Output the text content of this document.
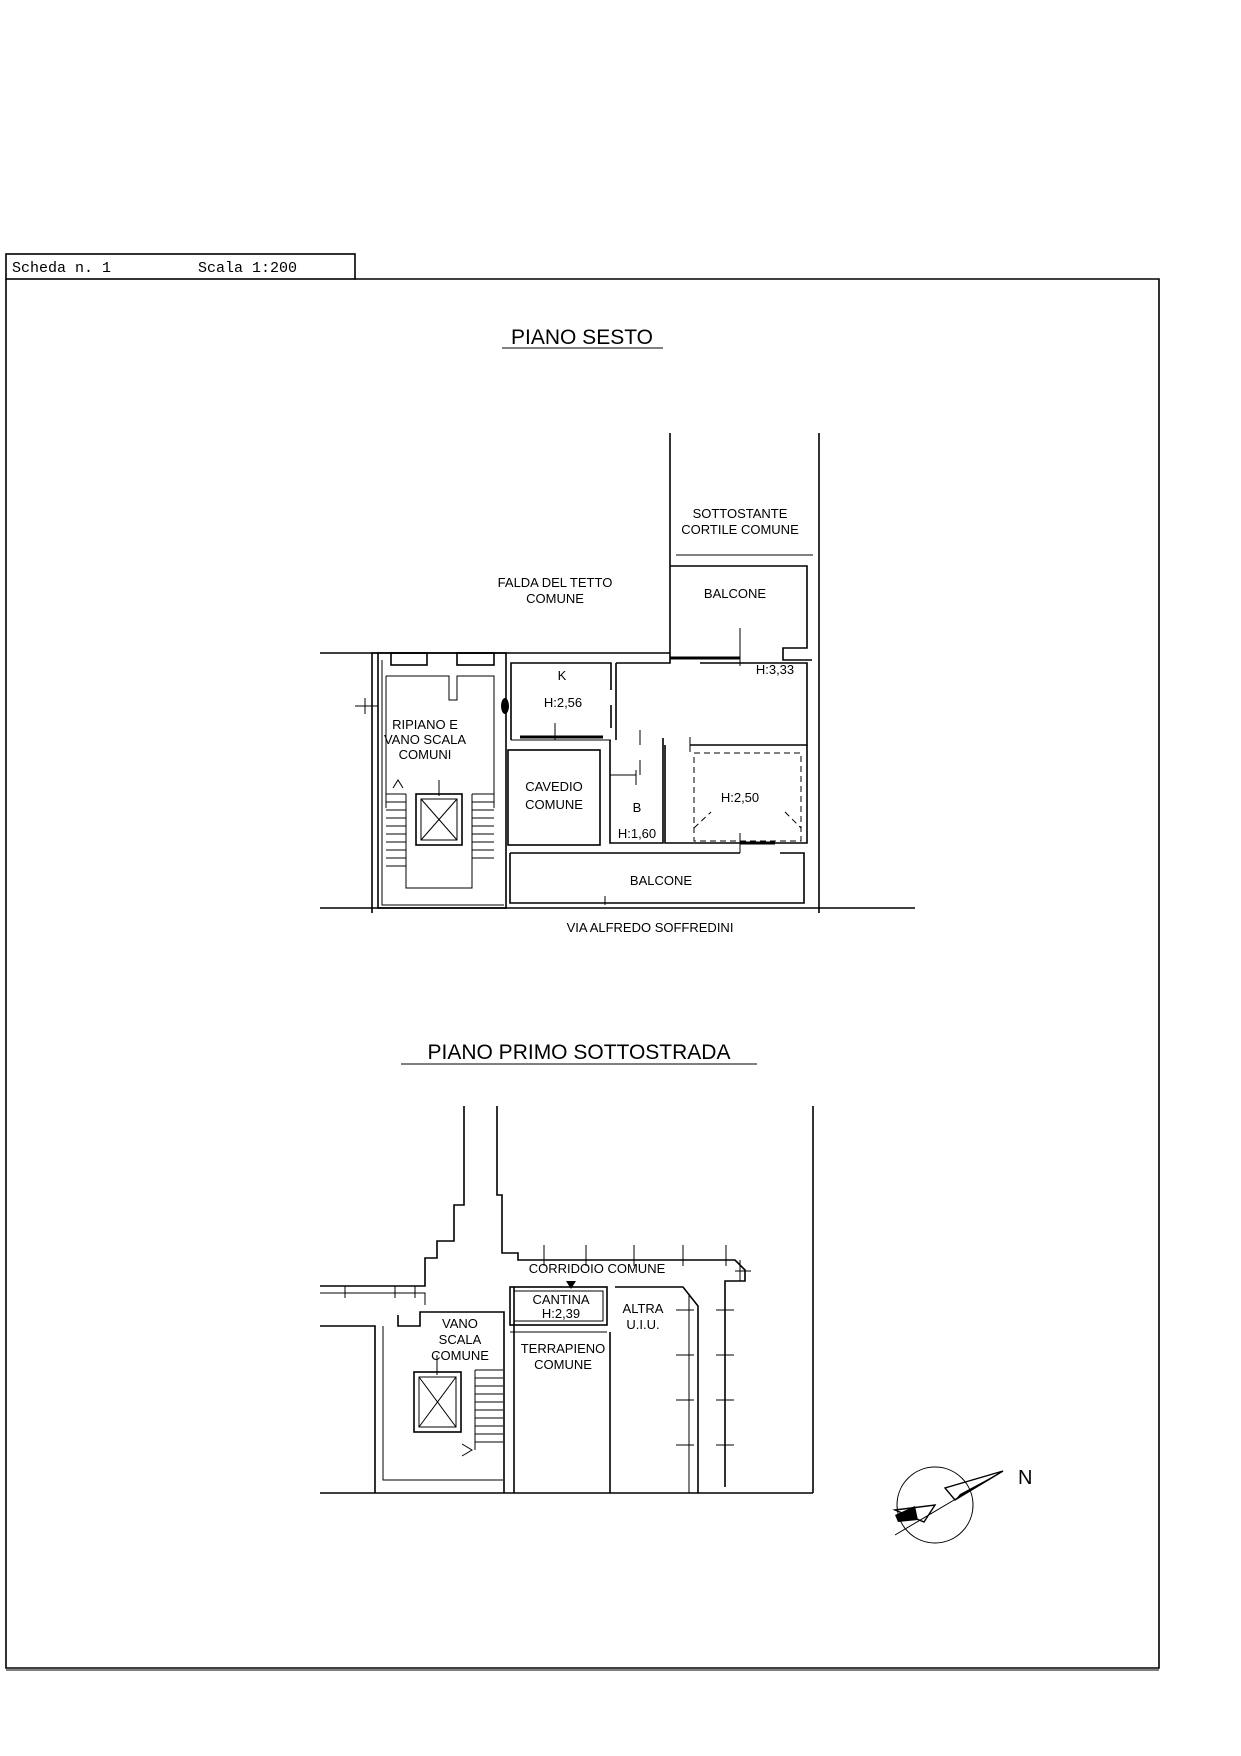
Scheda n. 1	Scala 1:200
PIANO SESTO
SOTTOSTANTE
CORTILE COMUNE
FALDA DEL TETTO
COMUNE	BALCONE
H:3,33
K
H:2,56
RIPIANO E
VANO SCALA
COMUNI
CAVEDIO
COMUNE	B
H:1,60
H:2,50
BALCONE
VIA ALFREDO SOFFREDINI
PIANO PRIMO SOTTOSTRADA
CORRIDOIO COMUNE
CANTINA
H:2,39	ALTRA
U.I.U.
VANO
SCALA
COMUNE TERRAPIENO
COMUNE
N
